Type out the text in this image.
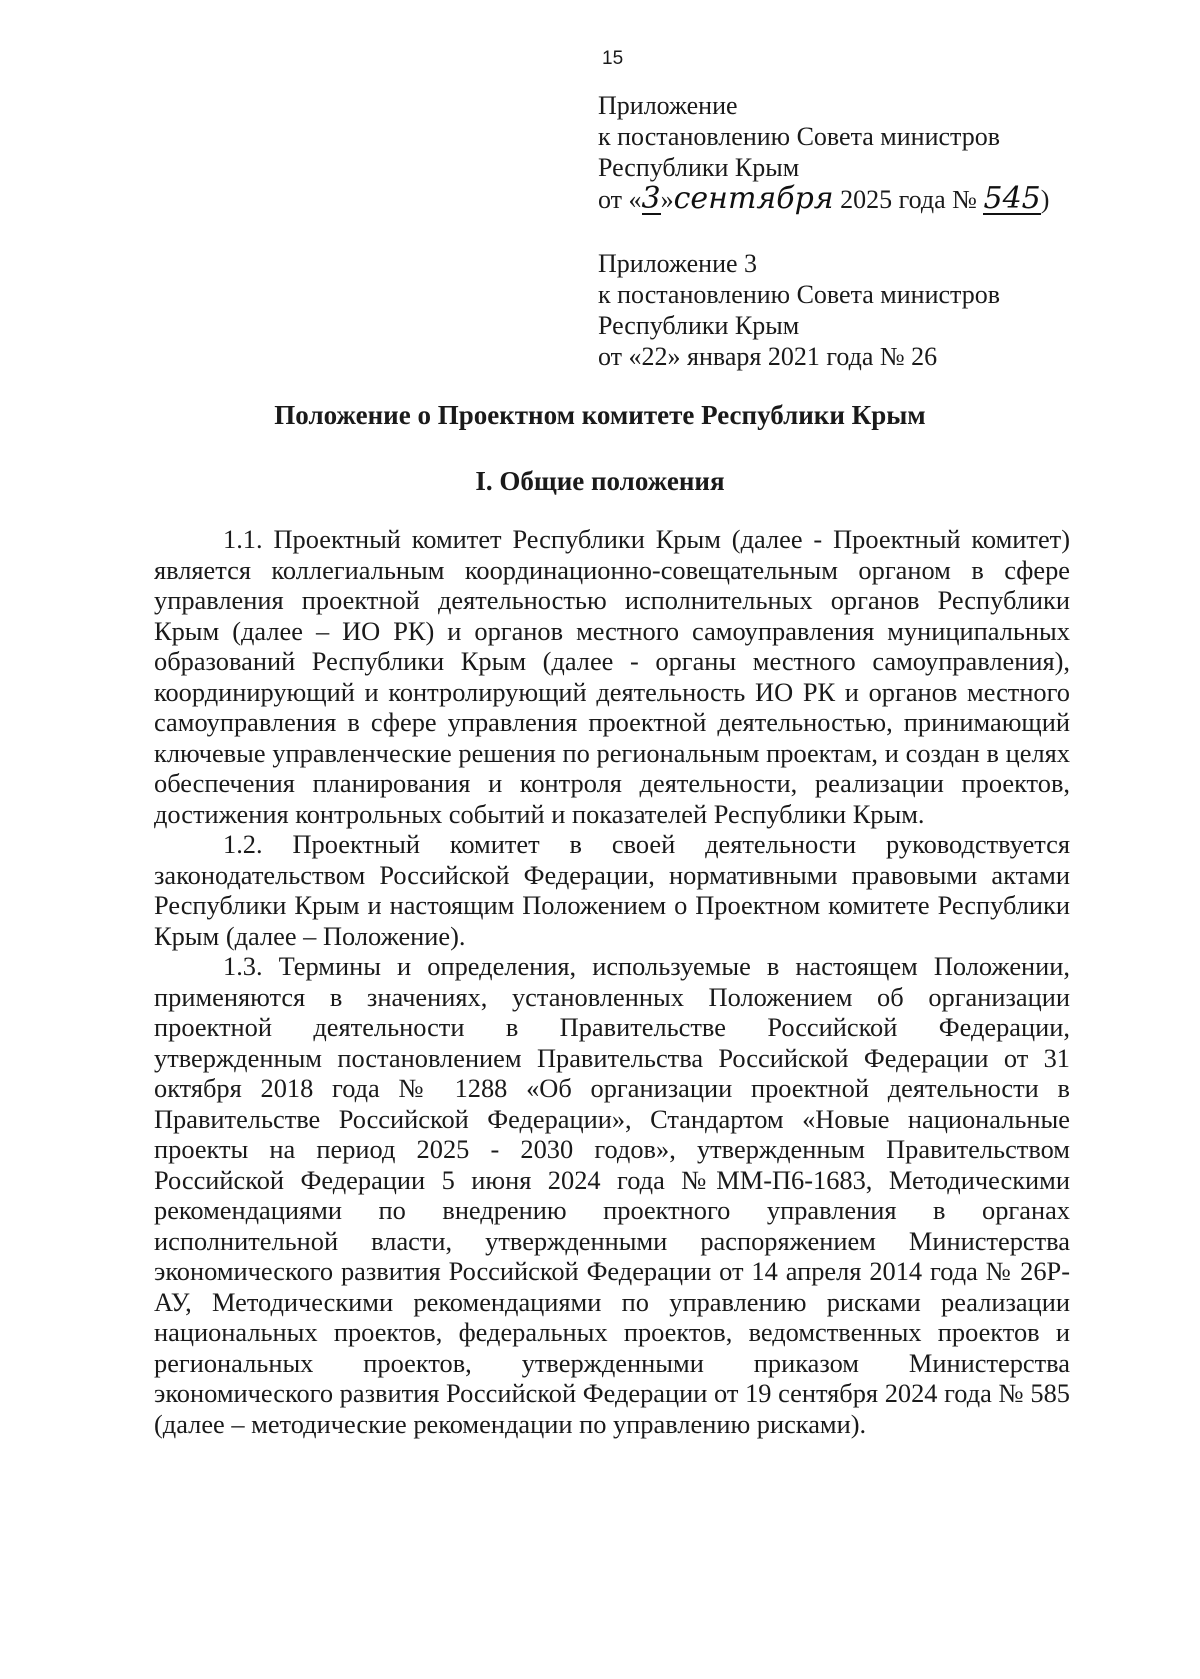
15
Приложение
к постановлению Совета министров
Республики Крым
от «3»сентября 2025 года № 545)
Приложение 3
к постановлению Совета министров
Республики Крым
от «22» января 2021 года № 26
Положение о Проектном комитете Республики Крым
I. Общие положения

1.1. Проектный комитет Республики Крым (далее - Проектный комитет) является коллегиальным координационно-совещательным органом в сфере управления проектной деятельностью исполнительных органов Республики Крым (далее – ИО РК) и органов местного самоуправления муниципальных образований Республики Крым (далее - органы местного самоуправления), координирующий и контролирующий деятельность ИО РК и органов местного самоуправления в сфере управления проектной деятельностью, принимающий ключевые управленческие решения по региональным проектам, и создан в целях обеспечения планирования и контроля деятельности, реализации проектов, достижения контрольных событий и показателей Республики Крым.

1.2. Проектный комитет в своей деятельности руководствуется законодательством Российской Федерации, нормативными правовыми актами Республики Крым и настоящим Положением о Проектном комитете Республики Крым (далее – Положение).

1.3. Термины и определения, используемые в настоящем Положении, применяются в значениях, установленных Положением об организации проектной деятельности в Правительстве Российской Федерации, утвержденным постановлением Правительства Российской Федерации от 31 октября 2018 года № 1288 «Об организации проектной деятельности в Правительстве Российской Федерации», Стандартом «Новые национальные проекты на период 2025 - 2030 годов», утвержденным Правительством Российской Федерации 5 июня 2024 года №ММ-П6-1683, Методическими рекомендациями по внедрению проектного управления в органах исполнительной власти, утвержденными распоряжением Министерства экономического развития Российской Федерации от 14 апреля 2014 года № 26Р-АУ, Методическими рекомендациями по управлению рисками реализации национальных проектов, федеральных проектов, ведомственных проектов и региональных проектов, утвержденными приказом Министерства экономического развития Российской Федерации от 19 сентября 2024 года № 585 (далее – методические рекомендации по управлению рисками).
